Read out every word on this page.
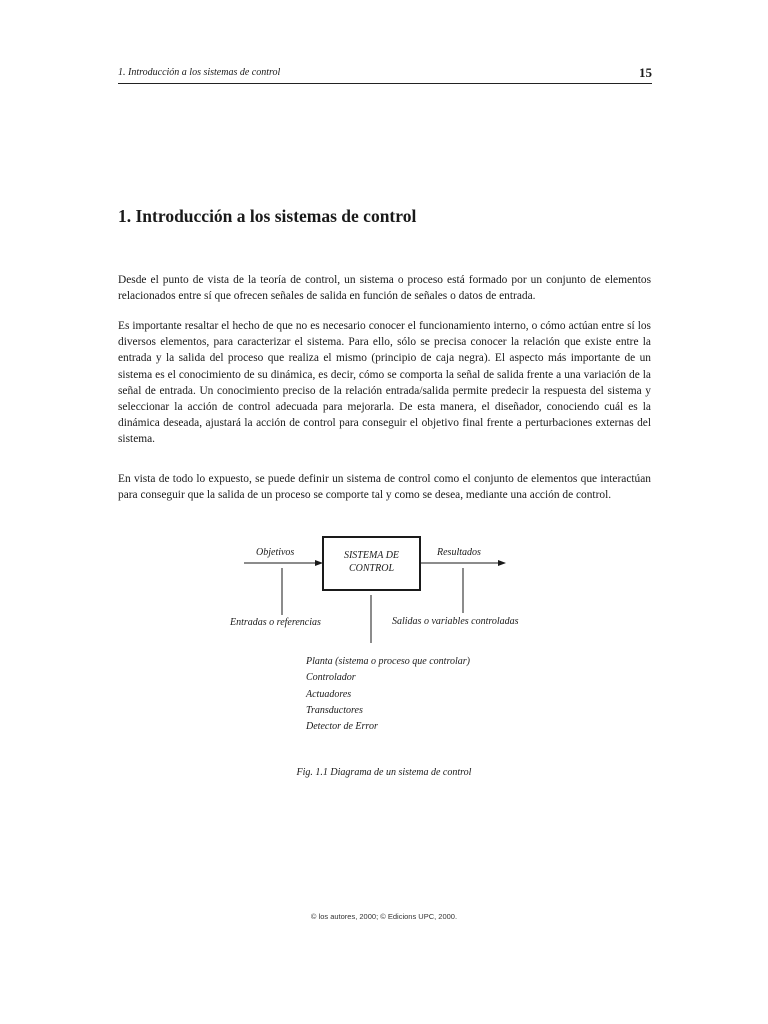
1. Introducción a los sistemas de control	15
1. Introducción a los sistemas de control

Desde el punto de vista de la teoría de control, un sistema o proceso está formado por un conjunto de elementos relacionados entre sí que ofrecen señales de salida en función de señales o datos de entrada.

Es importante resaltar el hecho de que no es necesario conocer el funcionamiento interno, o cómo actúan entre sí los diversos elementos, para caracterizar el sistema. Para ello, sólo se precisa conocer la relación que existe entre la entrada y la salida del proceso que realiza el mismo (principio de caja negra). El aspecto más importante de un sistema es el conocimiento de su dinámica, es decir, cómo se comporta la señal de salida frente a una variación de la señal de entrada. Un conocimiento preciso de la relación entrada/salida permite predecir la respuesta del sistema y seleccionar la acción de control adecuada para mejorarla. De esta manera, el diseñador, conociendo cuál es la dinámica deseada, ajustará la acción de control para conseguir el objetivo final frente a perturbaciones externas del sistema.

En vista de todo lo expuesto, se puede definir un sistema de control como el conjunto de elementos que interactúan para conseguir que la salida de un proceso se comporte tal y como se desea, mediante una acción de control.

Objetivos	SISTEMA DE
CONTROL
Resultados
Entradas o referencias	Salidas o variables controladas
Planta (sistema o proceso que controlar)
Controlador
Actuadores
Transductores
Detector de Error
Fig. 1.1 Diagrama de un sistema de control
© los autores, 2000; © Edicions UPC, 2000.
